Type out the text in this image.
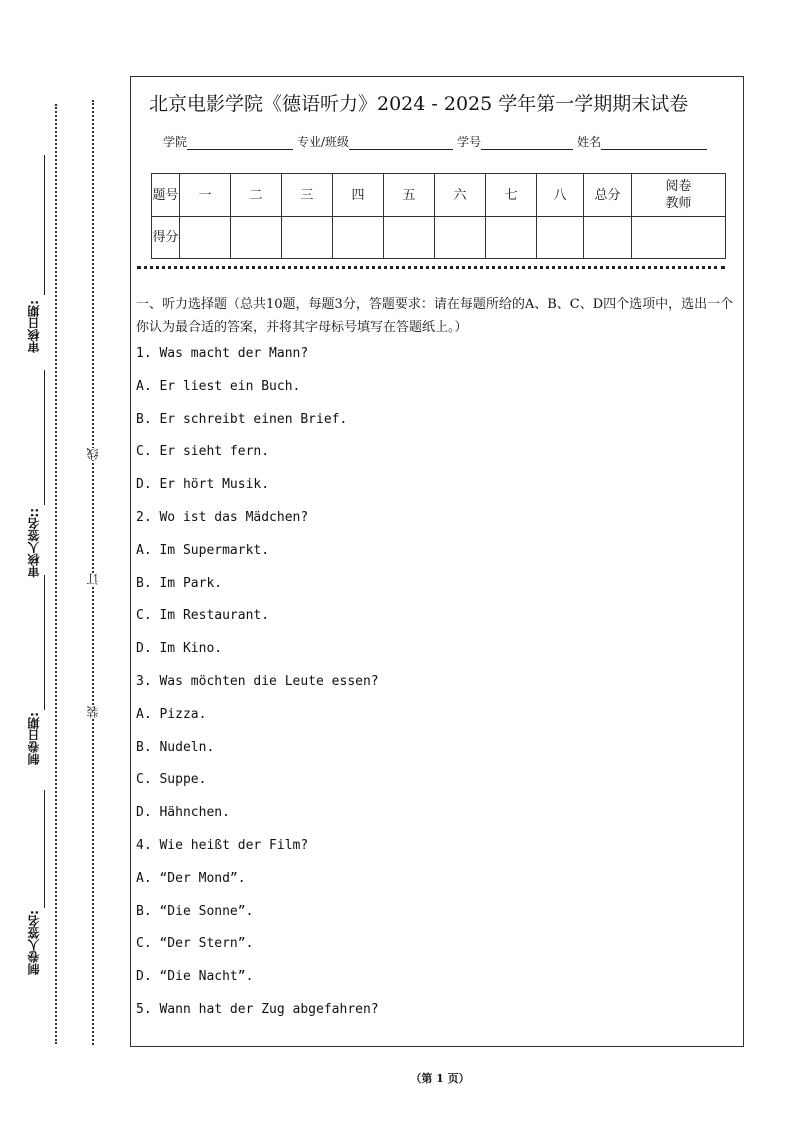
审核日期:
审核人签名::
制卷日期:
制卷人签名:
线
订
装
北京电影学院《德语听力》2024 - 2025 学年第一学期期末试卷
学院	专业/班级	学号	姓名
题号	一	二	三	四	五	六	七	八	总分	阅卷教师
得分										
一、听力选择题（总共10题，每题3分，答题要求：请在每题所给的A、B、C、D四个选项中，选出一个你认为最合适的答案，并将其字母标号填写在答题纸上。）
1. Was macht der Mann?
A. Er liest ein Buch.
B. Er schreibt einen Brief.
C. Er sieht fern.
D. Er hört Musik.
2. Wo ist das Mädchen?
A. Im Supermarkt.
B. Im Park.
C. Im Restaurant.
D. Im Kino.
3. Was möchten die Leute essen?
A. Pizza.
B. Nudeln.
C. Suppe.
D. Hähnchen.
4. Wie heißt der Film?
A. “Der Mond”.
B. “Die Sonne”.
C. “Der Stern”.
D. “Die Nacht”.
5. Wann hat der Zug abgefahren?
（第 1 页）
